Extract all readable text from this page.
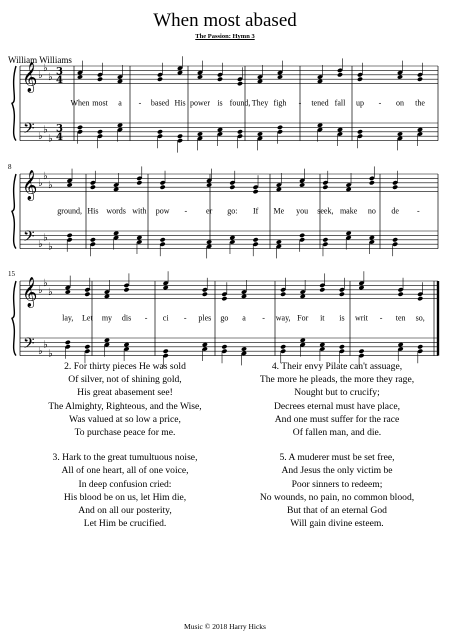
When most abased
The Passion: Hymn 3
William Williams
𝄞
𝄢
♭
♭
♭
♭
♭
♭
3
4
3
4
When most a - based His power is found, They figh - tened fall up - on the
𝄞
𝄢
♭
♭
♭
♭
♭
♭
8
ground, His words with pow - er go: If Me you seek, make no de -
𝄞
𝄢
♭
♭
♭
♭
♭
♭
15
lay, Let my dis - ci - ples go a - way, For it is writ - ten so,
2. For thirty pieces He was sold
Of silver, not of shining gold,
His great abasement see!
The Almighty, Righteous, and the Wise,
Was valued at so low a price,
To purchase peace for me.
3. Hark to the great tumultuous noise,
All of one heart, all of one voice,
In deep confusion cried:
His blood be on us, let Him die,
And on all our posterity,
Let Him be crucified.
4. Their envy Pilate can't assuage,
The more he pleads, the more they rage,
Nought but to crucify;
Decrees eternal must have place,
And one must suffer for the race
Of fallen man, and die.
5. A muderer must be set free,
And Jesus the only victim be
Poor sinners to redeem;
No wounds, no pain, no common blood,
But that of an eternal God
Will gain divine esteem.
Music © 2018 Harry Hicks
